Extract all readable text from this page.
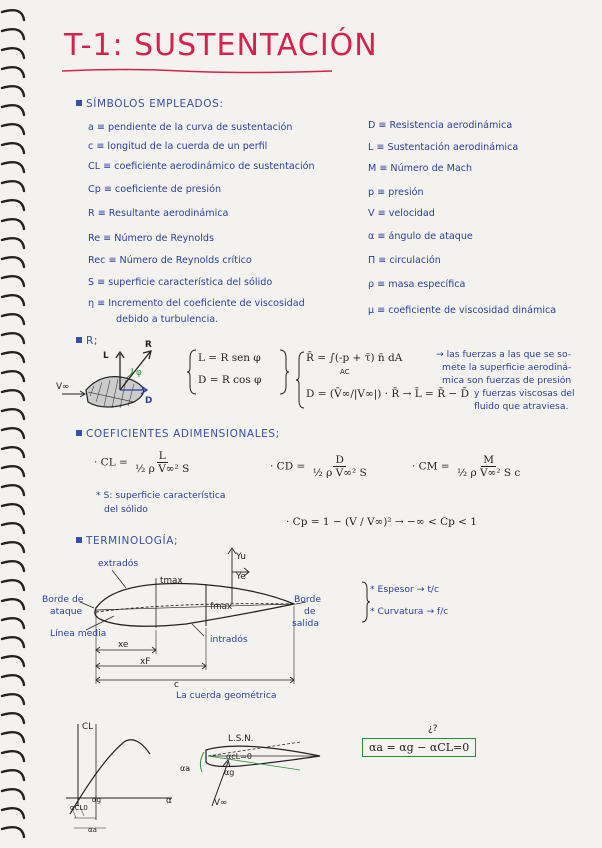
T-1: SUSTENTACIÓN
SÍMBOLOS EMPLEADOS:
a ≡ pendiente de la curva de sustentación
c ≡ longitud de la cuerda de un perfil
CL ≡ coeficiente aerodinámico de sustentación
Cp ≡ coeficiente de presión
R ≡ Resultante aerodinámica
Re ≡ Número de Reynolds
Rec ≡ Número de Reynolds crítico
S ≡ superficie característica del sólido
η ≡ Incremento del coeficiente de viscosidad
debido a turbulencia.
D ≡ Resistencia aerodinámica
L ≡ Sustentación aerodinámica
M ≡ Número de Mach
p ≡ presión
V ≡ velocidad
α ≡ ángulo de ataque
Π ≡ circulación
ρ ≡ masa específica
μ ≡ coeficiente de viscosidad dinámica
R;	R
L
D
V∞
φ
L = R sen φ
D = R cos φ
R̄ = ∫(-p + τ̄) n̄ dA
AC
D = (V̄∞/|V∞|) · R̄ → L̄ = R̄ − D̄
→ las fuerzas a las que se so-
mete la superficie aerodiná-
mica son fuerzas de presión
y fuerzas viscosas del
fluido que atraviesa.
COEFICIENTES ADIMENSIONALES;
· CL = $\frac{L}{\text{½ ρ V∞² S}}$	· CD = $\frac{D}{\text{½ ρ V∞² S}}$	· CM = $\frac{M}{\text{½ ρ V∞² S c}}$
* S: superficie característica
del sólido
· Cp = 1 − (V / V∞)² → −∞ < Cp < 1
TERMINOLOGÍA;
extradós
tmax
fmax
Yu
Ye
Borde de
ataque
Borde
de
salida
Línea media
intradós
xe
xF
c
La cuerda geométrica
* Espesor → t/c
* Curvatura → f/c
CL
α
αCL0
αg
αa
L.S.N.
αcL=0
αg
αa
V∞
αa = αg − αCL=0
¿?
